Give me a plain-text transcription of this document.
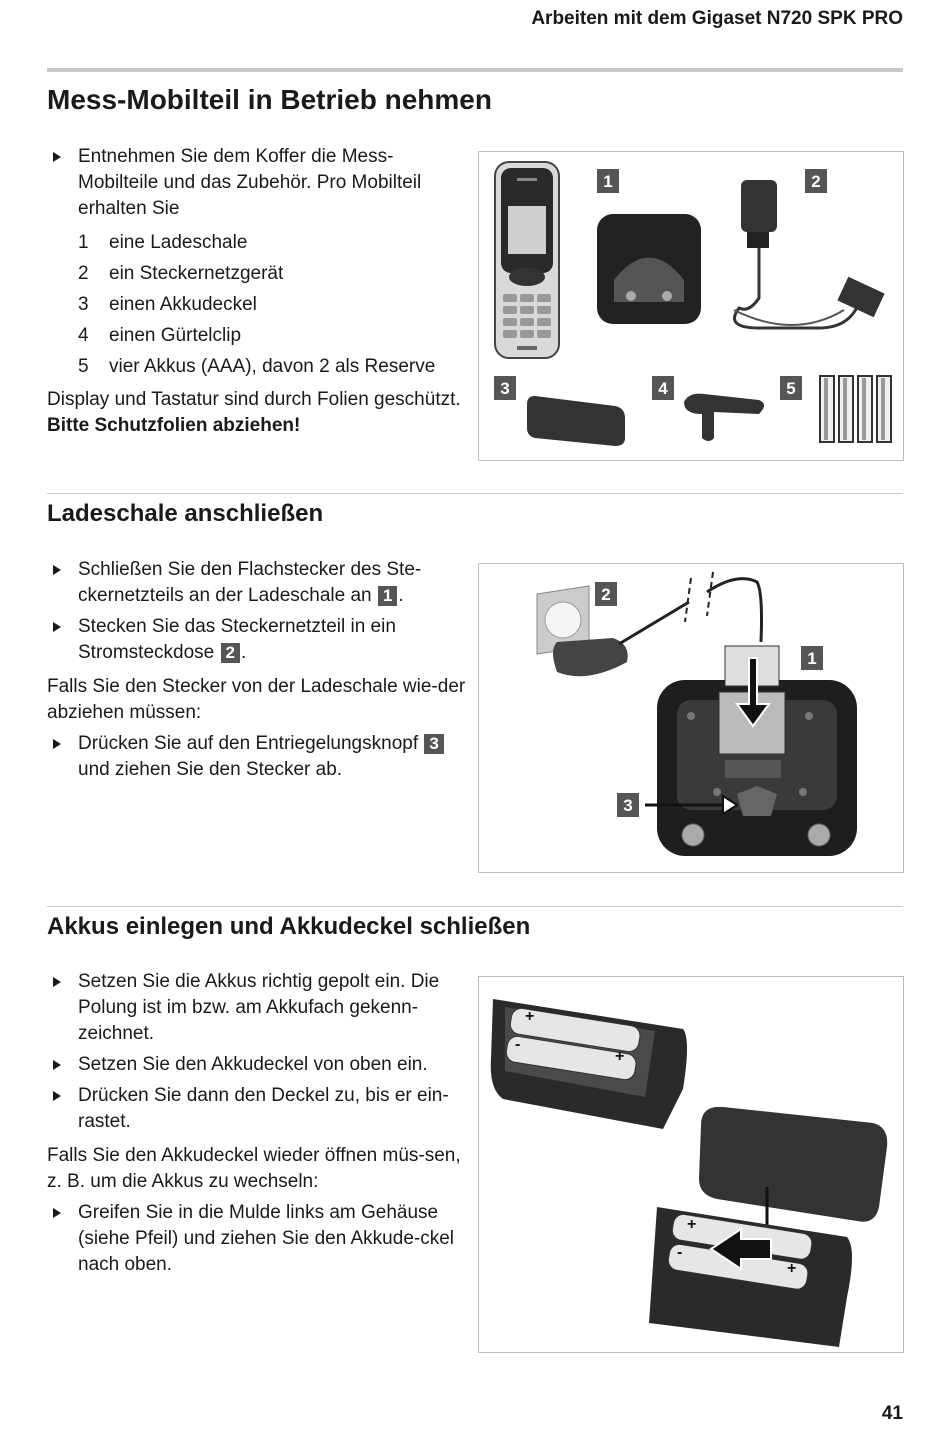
Arbeiten mit dem Gigaset N720 SPK PRO
Mess-Mobilteil in Betrieb nehmen

Entnehmen Sie dem Koffer die Mess-Mobilteile und das Zubehör. Pro Mobilteil erhalten Sie

1	eine Ladeschale
2	ein Steckernetzgerät
3	einen Akkudeckel
4	einen Gürtelclip
5	vier Akkus (AAA), davon 2 als Reserve

Display und Tastatur sind durch Folien geschützt. Bitte Schutzfolien abziehen!

1	2
3	4	5
Ladeschale anschließen

Schließen Sie den Flachstecker des Ste-ckernetzteils an der Ladeschale an 1 .

Stecken Sie das Steckernetzteil in ein Stromsteckdose 2 .

Falls Sie den Stecker von der Ladeschale wie-der abziehen müssen:

Drücken Sie auf den Entriegelungsknopf 3 und ziehen Sie den Stecker ab.

2
1
3
Akkus einlegen und Akkudeckel schließen

Setzen Sie die Akkus richtig gepolt ein. Die Polung ist im bzw. am Akkufach gekenn-zeichnet.

Setzen Sie den Akkudeckel von oben ein.

Drücken Sie dann den Deckel zu, bis er ein-rastet.

Falls Sie den Akkudeckel wieder öffnen müs-sen, z. B. um die Akkus zu wechseln:

Greifen Sie in die Mulde links am Gehäuse (siehe Pfeil) und ziehen Sie den Akkude-ckel nach oben.

+
-
+
+
-
+
41
